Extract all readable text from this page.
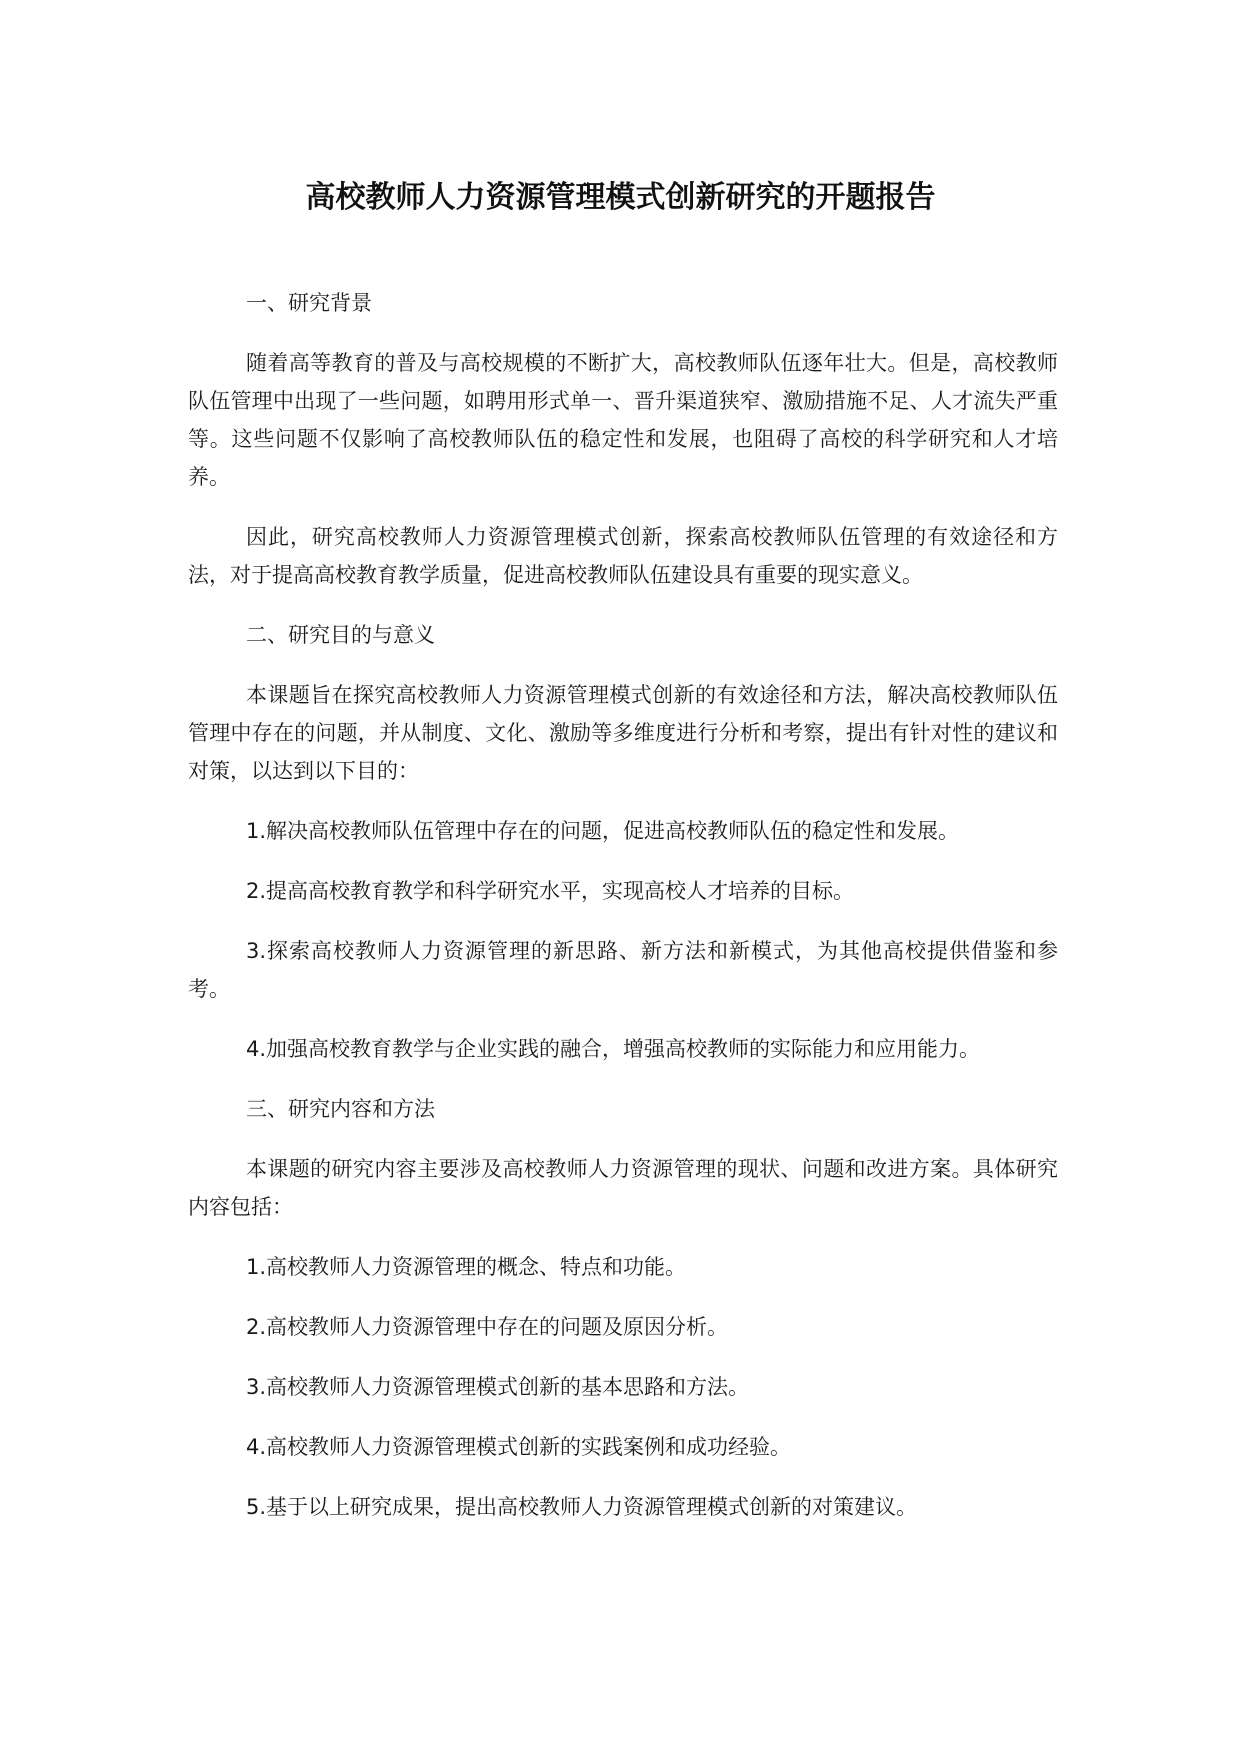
高校教师人力资源管理模式创新研究的开题报告

一、研究背景

随着高等教育的普及与高校规模的不断扩大，高校教师队伍逐年壮大。但是，高校教师队伍管理中出现了一些问题，如聘用形式单一、晋升渠道狭窄、激励措施不足、人才流失严重等。这些问题不仅影响了高校教师队伍的稳定性和发展，也阻碍了高校的科学研究和人才培养。

因此，研究高校教师人力资源管理模式创新，探索高校教师队伍管理的有效途径和方法，对于提高高校教育教学质量，促进高校教师队伍建设具有重要的现实意义。

二、研究目的与意义

本课题旨在探究高校教师人力资源管理模式创新的有效途径和方法，解决高校教师队伍管理中存在的问题，并从制度、文化、激励等多维度进行分析和考察，提出有针对性的建议和对策，以达到以下目的：

1.解决高校教师队伍管理中存在的问题，促进高校教师队伍的稳定性和发展。

2.提高高校教育教学和科学研究水平，实现高校人才培养的目标。

3.探索高校教师人力资源管理的新思路、新方法和新模式，为其他高校提供借鉴和参考。

4.加强高校教育教学与企业实践的融合，增强高校教师的实际能力和应用能力。

三、研究内容和方法

本课题的研究内容主要涉及高校教师人力资源管理的现状、问题和改进方案。具体研究内容包括：

1.高校教师人力资源管理的概念、特点和功能。

2.高校教师人力资源管理中存在的问题及原因分析。

3.高校教师人力资源管理模式创新的基本思路和方法。

4.高校教师人力资源管理模式创新的实践案例和成功经验。

5.基于以上研究成果，提出高校教师人力资源管理模式创新的对策建议。
